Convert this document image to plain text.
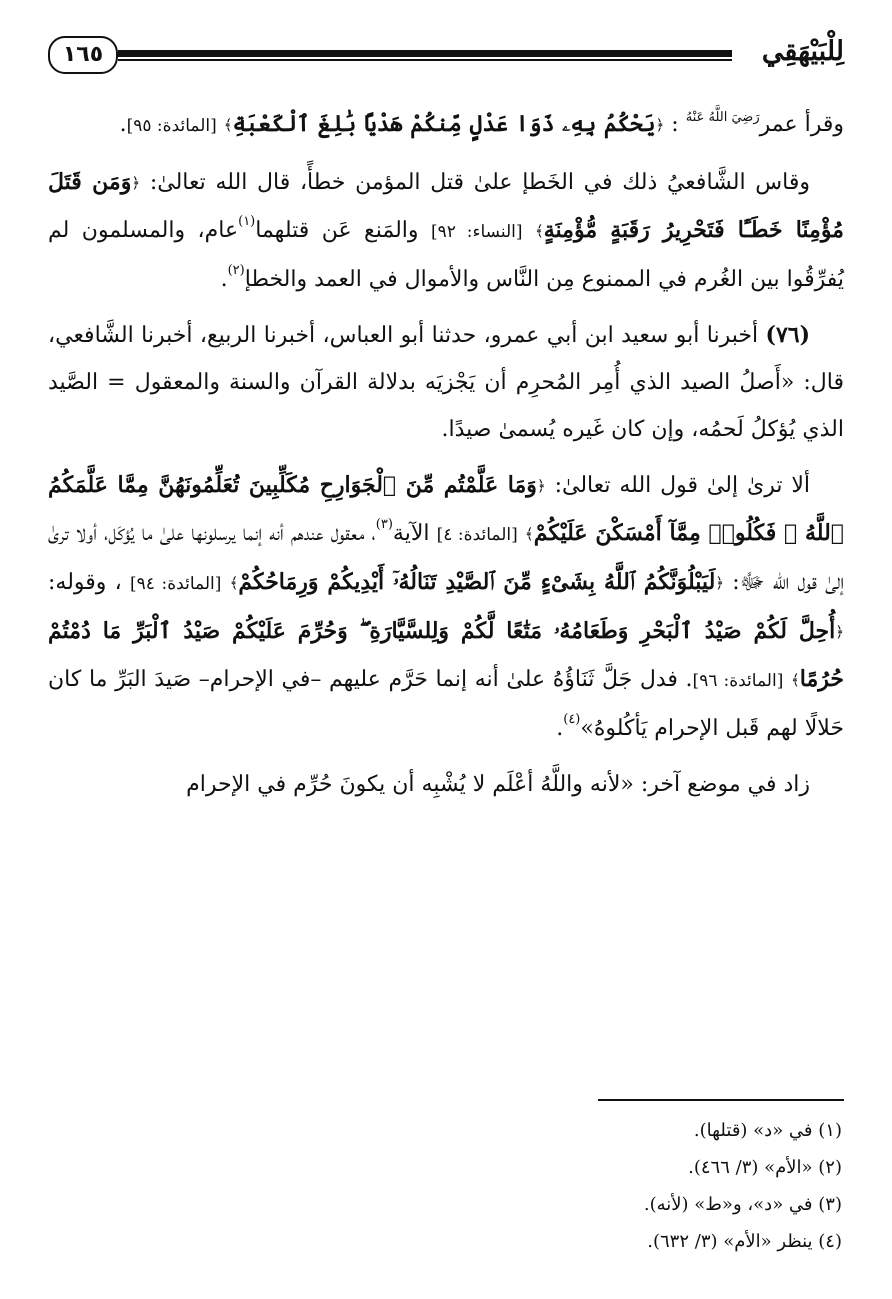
لِلْبَيْهَقِي
١٦٥

وقرأ عمر$^{رَضِيَ اللَّهُ عَنْهُ}$ : ﴿يَحْكُمُ بِهِۦ ذَوَا عَدْلٍ مِّنكُمْ هَدْيًا بَٰلِغَ ٱلْكَعْبَةِ﴾ [المائدة: ٩٥].

وقاس الشَّافعيُ ذلك في الخَطإ علىٰ قتل المؤمن خطأً، قال الله تعالىٰ: ﴿وَمَن قَتَلَ مُؤْمِنًا خَطَـًٔا فَتَحْرِيرُ رَقَبَةٍ مُّؤْمِنَةٍ﴾ [النساء: ٩٢] والمَنع عَن قتلهما$^{(١)}$عام، والمسلمون لم يُفرِّقُوا بين الغُرم في الممنوع مِن النَّاس والأموال في العمد والخطإ$^{(٢)}$.

(٧٦) أخبرنا أبو سعيد ابن أبي عمرو، حدثنا أبو العباس، أخبرنا الربيع، أخبرنا الشَّافعي، قال: «أَصلُ الصيد الذي أُمِر المُحرِم أن يَجْزيَه بدلالة القرآن والسنة والمعقول = الصَّيد الذي يُؤكلُ لَحمُه، وإن كان غَيره يُسمىٰ صيدًا.

ألا ترىٰ إلىٰ قول الله تعالىٰ: ﴿وَمَا عَلَّمْتُم مِّنَ ٱلْجَوَارِحِ مُكَلِّبِينَ تُعَلِّمُونَهُنَّ مِمَّا عَلَّمَكُمُ ٱللَّهُ ۖ فَكُلُوا۟ مِمَّآ أَمْسَكْنَ عَلَيْكُمْ﴾ [المائدة: ٤] الآية$^{(٣)}$، معقول عندهم أنه إنما يرسلونها علىٰ ما يُؤكَل، أولا ترىٰ إلىٰ قول الله ﷻ: ﴿لَيَبْلُوَنَّكُمُ ٱللَّهُ بِشَىْءٍ مِّنَ ٱلصَّيْدِ تَنَالُهُۥٓ أَيْدِيكُمْ وَرِمَاحُكُمْ﴾ [المائدة: ٩٤] ، وقوله: ﴿أُحِلَّ لَكُمْ صَيْدُ ٱلْبَحْرِ وَطَعَامُهُۥ مَتَٰعًا لَّكُمْ وَلِلسَّيَّارَةِ ۖ وَحُرِّمَ عَلَيْكُمْ صَيْدُ ٱلْبَرِّ مَا دُمْتُمْ حُرُمًا﴾ [المائدة: ٩٦]. فدل جَلَّ ثَنَاؤُهُ علىٰ أنه إنما حَرَّم عليهم –في الإحرام– صَيدَ البَرِّ ما كان حَلالًا لهم قَبل الإحرام يَأكُلوهُ»$^{(٤)}$.

زاد في موضع آخر: «لأنه واللَّهُ أعْلَم لا يُشْبِه أن يكونَ حُرِّم في الإحرام

(١) في «د» (قتلها).

(٢) «الأم» (٣/ ٤٦٦).

(٣) في «د»، و«ط» (لأنه).

(٤) ينظر «الأم» (٣/ ٦٣٢).
